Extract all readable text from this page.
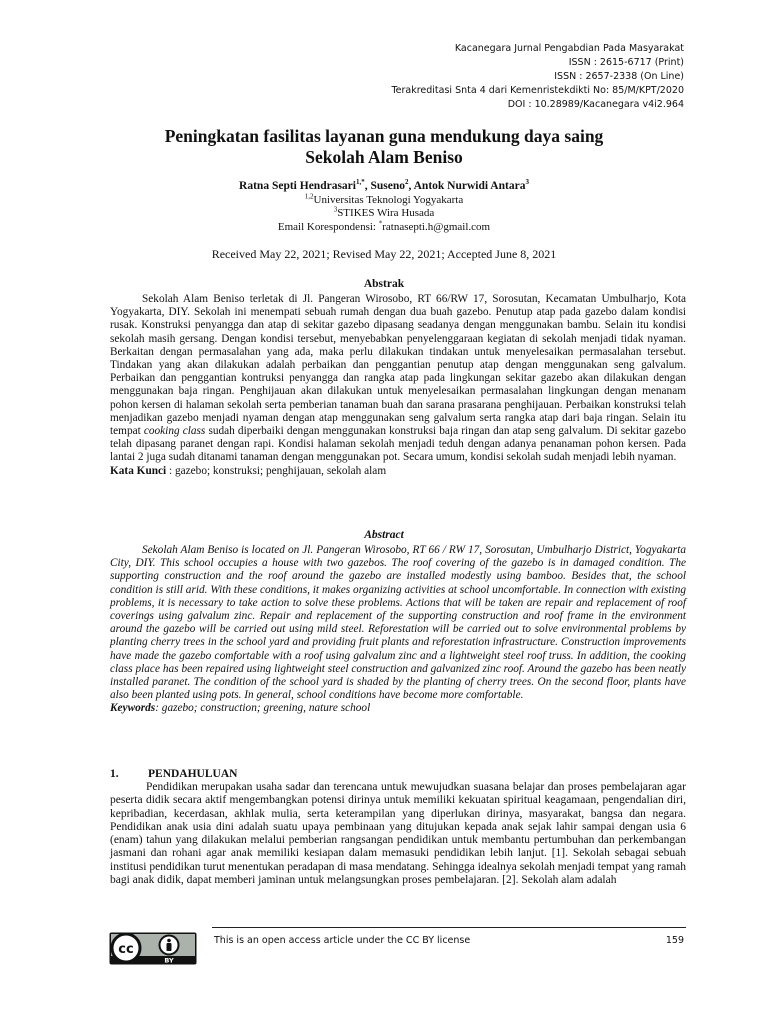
Kacanegara Jurnal Pengabdian Pada Masyarakat
ISSN : 2615-6717 (Print)
ISSN : 2657-2338 (On Line)
Terakreditasi Snta 4 dari Kemenristekdikti No: 85/M/KPT/2020
DOI : 10.28989/Kacanegara v4i2.964
Peningkatan fasilitas layanan guna mendukung daya saing
Sekolah Alam Beniso
Ratna Septi Hendrasari$^{1,*}$, Suseno$^2$, Antok Nurwidi Antara$^3$
$^{1,2}$Universitas Teknologi Yogyakarta
$^3$STIKES Wira Husada
Email Korespondensi: *ratnasepti.h@gmail.com
Received May 22, 2021; Revised May 22, 2021; Accepted June 8, 2021
Abstrak

Sekolah Alam Beniso terletak di Jl. Pangeran Wirosobo, RT 66/RW 17, Sorosutan, Kecamatan Umbulharjo, Kota Yogyakarta, DIY. Sekolah ini menempati sebuah rumah dengan dua buah gazebo. Penutup atap pada gazebo dalam kondisi rusak. Konstruksi penyangga dan atap di sekitar gazebo dipasang seadanya dengan menggunakan bambu. Selain itu kondisi sekolah masih gersang. Dengan kondisi tersebut, menyebabkan penyelenggaraan kegiatan di sekolah menjadi tidak nyaman. Berkaitan dengan permasalahan yang ada, maka perlu dilakukan tindakan untuk menyelesaikan permasalahan tersebut. Tindakan yang akan dilakukan adalah perbaikan dan penggantian penutup atap dengan menggunakan seng galvalum. Perbaikan dan penggantian kontruksi penyangga dan rangka atap pada lingkungan sekitar gazebo akan dilakukan dengan menggunakan baja ringan. Penghijauan akan dilakukan untuk menyelesaikan permasalahan lingkungan dengan menanam pohon kersen di halaman sekolah serta pemberian tanaman buah dan sarana prasarana penghijauan. Perbaikan konstruksi telah menjadikan gazebo menjadi nyaman dengan atap menggunakan seng galvalum serta rangka atap dari baja ringan. Selain itu tempat cooking class sudah diperbaiki dengan menggunakan konstruksi baja ringan dan atap seng galvalum. Di sekitar gazebo telah dipasang paranet dengan rapi. Kondisi halaman sekolah menjadi teduh dengan adanya penanaman pohon kersen. Pada lantai 2 juga sudah ditanami tanaman dengan menggunakan pot. Secara umum, kondisi sekolah sudah menjadi lebih nyaman.

Kata Kunci : gazebo; konstruksi; penghijauan, sekolah alam

Abstract

Sekolah Alam Beniso is located on Jl. Pangeran Wirosobo, RT 66 / RW 17, Sorosutan, Umbulharjo District, Yogyakarta City, DIY. This school occupies a house with two gazebos. The roof covering of the gazebo is in damaged condition. The supporting construction and the roof around the gazebo are installed modestly using bamboo. Besides that, the school condition is still arid. With these conditions, it makes organizing activities at school uncomfortable. In connection with existing problems, it is necessary to take action to solve these problems. Actions that will be taken are repair and replacement of roof coverings using galvalum zinc. Repair and replacement of the supporting construction and roof frame in the environment around the gazebo will be carried out using mild steel. Reforestation will be carried out to solve environmental problems by planting cherry trees in the school yard and providing fruit plants and reforestation infrastructure. Construction improvements have made the gazebo comfortable with a roof using galvalum zinc and a lightweight steel roof truss. In addition, the cooking class place has been repaired using lightweight steel construction and galvanized zinc roof. Around the gazebo has been neatly installed paranet. The condition of the school yard is shaded by the planting of cherry trees. On the second floor, plants have also been planted using pots. In general, school conditions have become more comfortable.

Keywords: gazebo; construction; greening, nature school

1.	PENDAHULUAN

Pendidikan merupakan usaha sadar dan terencana untuk mewujudkan suasana belajar dan proses pembelajaran agar peserta didik secara aktif mengembangkan potensi dirinya untuk memiliki kekuatan spiritual keagamaan, pengendalian diri, kepribadian, kecerdasan, akhlak mulia, serta keterampilan yang diperlukan dirinya, masyarakat, bangsa dan negara. Pendidikan anak usia dini adalah suatu upaya pembinaan yang ditujukan kepada anak sejak lahir sampai dengan usia 6 (enam) tahun yang dilakukan melalui pemberian rangsangan pendidikan untuk membantu pertumbuhan dan perkembangan jasmani dan rohani agar anak memiliki kesiapan dalam memasuki pendidikan lebih lanjut. [1]. Sekolah sebagai sebuah institusi pendidikan turut menentukan peradapan di masa mendatang. Sehingga idealnya sekolah menjadi tempat yang ramah bagi anak didik, dapat memberi jaminan untuk melangsungkan proses pembelajaran. [2]. Sekolah alam adalah

cc
BY
This is an open access article under the CC BY license	159
